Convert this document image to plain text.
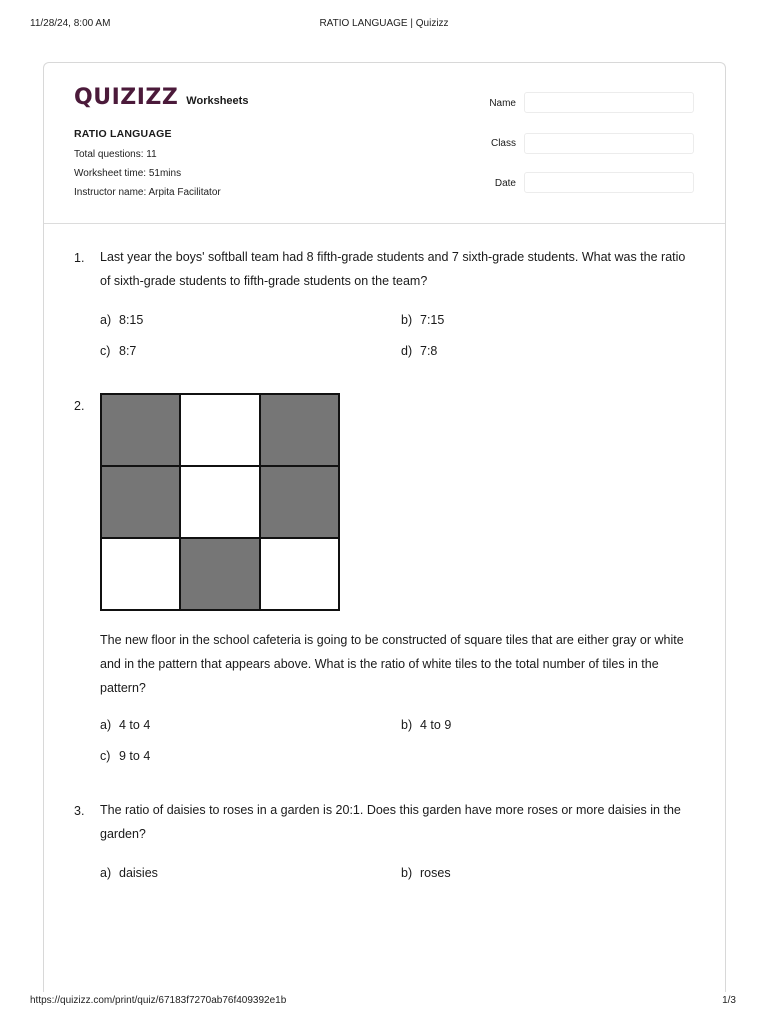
11/28/24, 8:00 AM	RATIO LANGUAGE | Quizizz
QUIZIZZ Worksheets
RATIO LANGUAGE
Total questions: 11
Worksheet time: 51mins
Instructor name: Arpita Facilitator
Name
Class
Date
1. Last year the boys' softball team had 8 fifth-grade students and 7 sixth-grade students. What was the ratio of sixth-grade students to fifth-grade students on the team?
a) 8:15	b) 7:15
c) 8:7	d) 7:8
2.
The new floor in the school cafeteria is going to be constructed of square tiles that are either gray or white and in the pattern that appears above. What is the ratio of white tiles to the total number of tiles in the pattern?
a) 4 to 4	b) 4 to 9
c) 9 to 4
3. The ratio of daisies to roses in a garden is 20:1. Does this garden have more roses or more daisies in the garden?
a) daisies	b) roses
https://quizizz.com/print/quiz/67183f7270ab76f409392e1b	1/3
